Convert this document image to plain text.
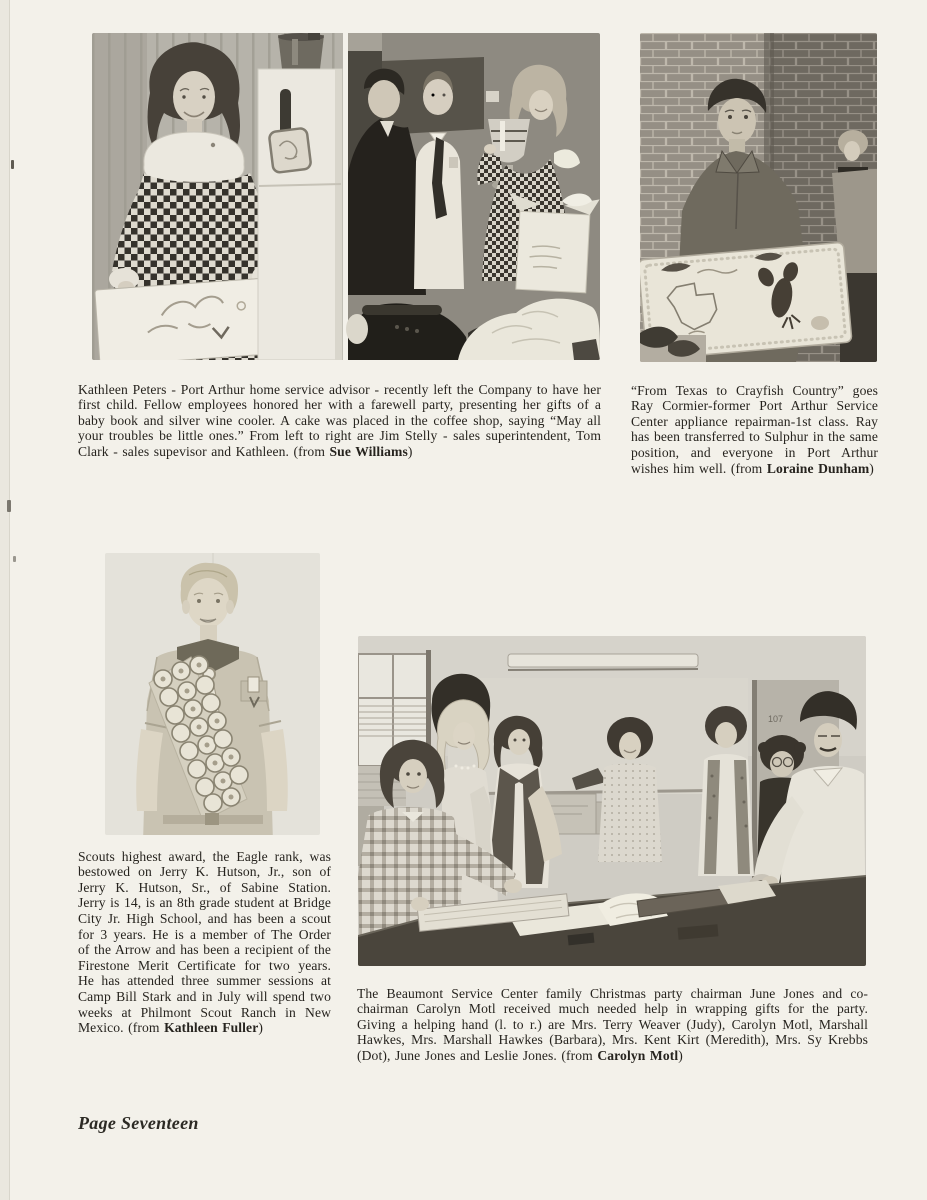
Kathleen Peters - Port Arthur home service advisor - recently left the Company to have her first child. Fellow employees honored her with a farewell party, presenting her gifts of a baby book and silver wine cooler. A cake was placed in the coffee shop, saying “May all your troubles be little ones.” From left to right are Jim Stelly - sales superintendent, Tom Clark - sales supevisor and Kathleen. (from Sue Williams)

“From Texas to Crayfish Country” goes Ray Cormier-former Port Arthur Service Center appliance repairman-1st class. Ray has been transferred to Sulphur in the same position, and everyone in Port Arthur wishes him well. (from Loraine Dunham)

107

Scouts highest award, the Eagle rank, was bestowed on Jerry K. Hutson, Jr., son of Jerry K. Hutson, Sr., of Sabine Station. Jerry is 14, is an 8th grade student at Bridge City Jr. High School, and has been a scout for 3 years. He is a member of The Order of the Arrow and has been a recipient of the Firestone Merit Certificate for two years. He has attended three summer sessions at Camp Bill Stark and in July will spend two weeks at Philmont Scout Ranch in New Mexico. (from Kathleen Fuller)

The Beaumont Service Center family Christmas party chairman June Jones and co-chairman Carolyn Motl received much needed help in wrapping gifts for the party. Giving a helping hand (l. to r.) are Mrs. Terry Weaver (Judy), Carolyn Motl, Marshall Hawkes, Mrs. Marshall Hawkes (Barbara), Mrs. Kent Kirt (Meredith), Mrs. Sy Krebbs (Dot), June Jones and Leslie Jones. (from Carolyn Motl)

Page Seventeen
